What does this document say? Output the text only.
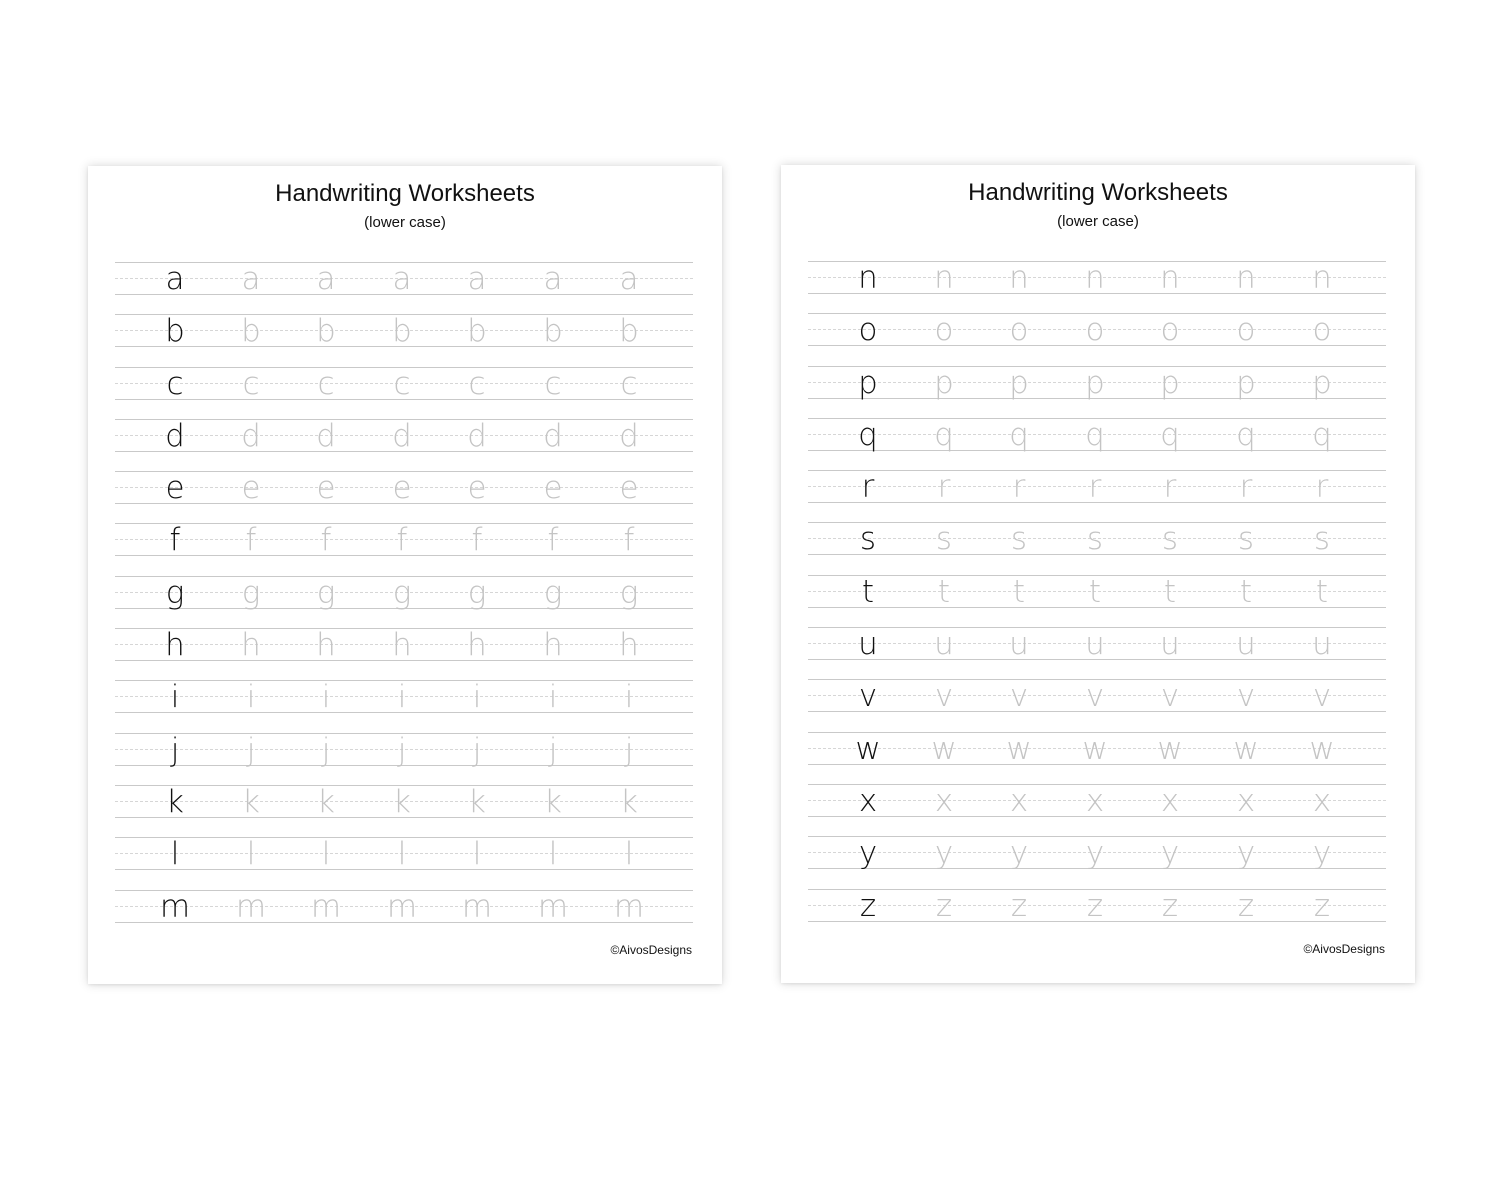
Handwriting Worksheets
(lower case)
a	a	a	a	a	a	a
b	b	b	b	b	b	b
c	c	c	c	c	c	c
d	d	d	d	d	d	d
e	e	e	e	e	e	e
f	f	f	f	f	f	f
g	g	g	g	g	g	g
h	h	h	h	h	h	h
i	i	i	i	i	i	i
j	j	j	j	j	j	j
k	k	k	k	k	k	k
l	l	l	l	l	l	l
m m m m m m m
©AivosDesigns
Handwriting Worksheets
(lower case)
n	n	n	n	n	n	n
o	o	o	o	o	o	o
p	p	p	p	p	p	p
q	q	q	q	q	q	q
r	r	r	r	r	r	r
s	s	s	s	s	s	s
t	t	t	t	t	t	t
u	u	u	u	u	u	u
v	v	v	v	v	v	v
w w w w w w w
x	x	x	x	x	x	x
y	y	y	y	y	y	y
z	z	z	z	z	z	z
©AivosDesigns
